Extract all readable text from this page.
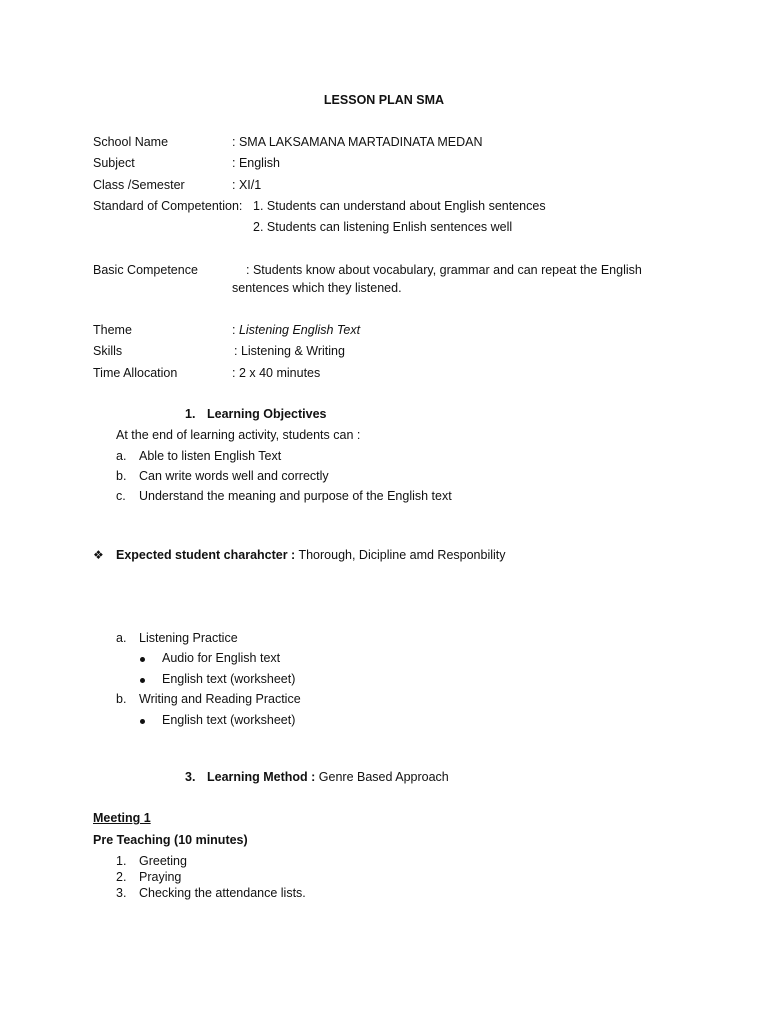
LESSON PLAN SMA
School Name	: SMA LAKSAMANA MARTADINATA MEDAN
Subject	: English
Class /Semester	: XI/1
Standard of Competention: 1. Students can understand about English sentences
2. Students can listening Enlish sentences well
Basic Competence	: Students know about vocabulary, grammar and can repeat the English
sentences which they listened.
Theme	: Listening English Text
Skills	: Listening & Writing
Time Allocation	: 2 x 40 minutes
1. Learning Objectives
At the end of learning activity, students can :
a. Able to listen English Text
b. Can write words well and correctly
c. Understand the meaning and purpose of the English text
❖ Expected student charahcter : Thorough, Dicipline amd Responbility
a. Listening Practice
Audio for English text
English text (worksheet)
b. Writing and Reading Practice
English text (worksheet)
3. Learning Method : Genre Based Approach
Meeting 1
Pre Teaching (10 minutes)
1. Greeting
2. Praying
3. Checking the attendance lists.
